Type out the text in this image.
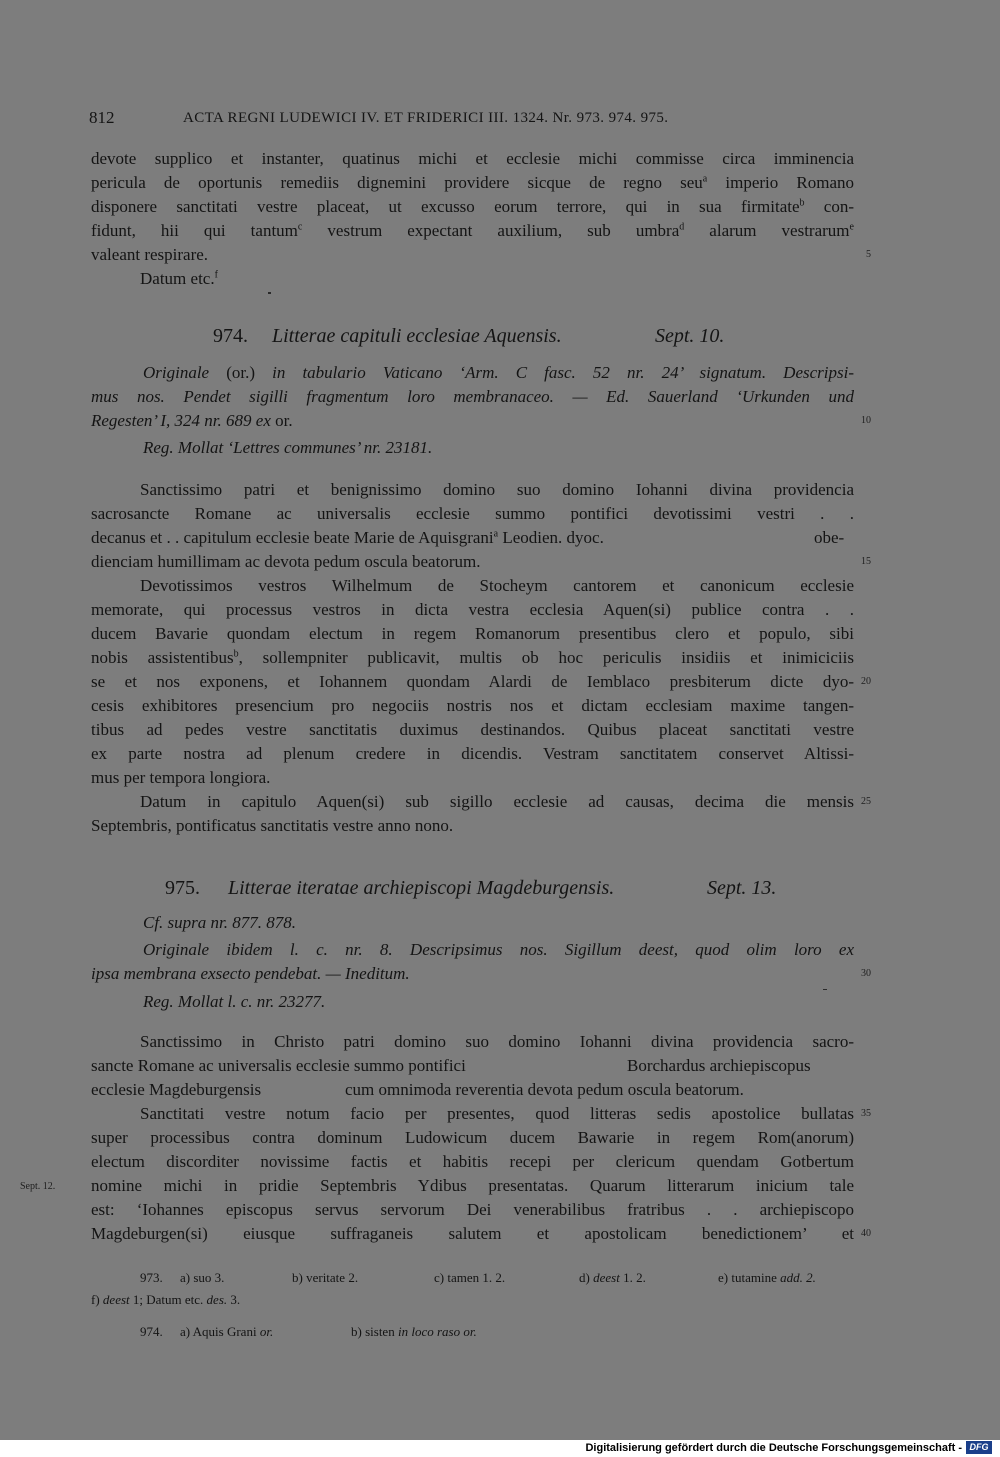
812	ACTA REGNI LUDEWICI IV. ET FRIDERICI III. 1324. Nr. 973. 974. 975.
devote supplico et instanter, quatinus michi et ecclesie michi commisse circa imminencia
pericula de oportunis remediis dignemini providere sicque de regno seu$^a$ imperio Romano
disponere sanctitati vestre placeat, ut excusso eorum terrore, qui in sua firmitate$^b$ con-
fidunt, hii qui tantum$^c$ vestrum expectant auxilium, sub umbra$^d$ alarum vestrarum$^e$
valeant respirare.
Datum etc.$^f$
974. Litterae capituli ecclesiae Aquensis.	Sept. 10.
Originale (or.) in tabulario Vaticano ‘Arm. C fasc. 52 nr. 24’ signatum. Descripsi-
mus nos. Pendet sigilli fragmentum loro membranaceo. — Ed. Sauerland ‘Urkunden und
Regesten’ I, 324 nr. 689 ex or.
Reg. Mollat ‘Lettres communes’ nr. 23181.
Sanctissimo patri et benignissimo domino suo domino Iohanni divina providencia
sacrosancte Romane ac universalis ecclesie summo pontifici devotissimi vestri . .
decanus et . . capitulum ecclesie beate Marie de Aquisgrani$^a$ Leodien. dyoc.	obe-
dienciam humillimam ac devota pedum oscula beatorum.
Devotissimos vestros Wilhelmum de Stocheym cantorem et canonicum ecclesie
memorate, qui processus vestros in dicta vestra ecclesia Aquen(si) publice contra . .
ducem Bavarie quondam electum in regem Romanorum presentibus clero et populo, sibi
nobis assistentibus$^b$, sollempniter publicavit, multis ob hoc periculis insidiis et inimiciciis
se et nos exponens, et Iohannem quondam Alardi de Iemblaco presbiterum dicte dyo-
cesis exhibitores presencium pro negociis nostris nos et dictam ecclesiam maxime tangen-
tibus ad pedes vestre sanctitatis duximus destinandos. Quibus placeat sanctitati vestre
ex parte nostra ad plenum credere in dicendis. Vestram sanctitatem conservet Altissi-
mus per tempora longiora.
Datum in capitulo Aquen(si) sub sigillo ecclesie ad causas, decima die mensis
Septembris, pontificatus sanctitatis vestre anno nono.
975. Litterae iteratae archiepiscopi Magdeburgensis.	Sept. 13.
Cf. supra nr. 877. 878.
Originale ibidem l. c. nr. 8. Descripsimus nos. Sigillum deest, quod olim loro ex
ipsa membrana exsecto pendebat. — Ineditum.
Reg. Mollat l. c. nr. 23277.
Sanctissimo in Christo patri domino suo domino Iohanni divina providencia sacro-
sancte Romane ac universalis ecclesie summo pontifici	Borchardus archiepiscopus
ecclesie Magdeburgensis	cum omnimoda reverentia devota pedum oscula beatorum.
Sanctitati vestre notum facio per presentes, quod litteras sedis apostolice bullatas
super processibus contra dominum Ludowicum ducem Bawarie in regem Rom(anorum)
electum discorditer novissime factis et habitis recepi per clericum quendam Gotbertum
nomine michi in pridie Septembris Ydibus presentatas. Quarum litterarum inicium tale
est: ‘Iohannes episcopus servus servorum Dei venerabilibus fratribus . . archiepiscopo
Magdeburgen(si) eiusque suffraganeis salutem et apostolicam benedictionem’ et
Sept. 12.
5
10
15
20
25
30
35
40
973. a) suo 3.	b) veritate 2.	c) tamen 1. 2.	d) deest 1. 2.	e) tutamine add. 2.
f) deest 1; Datum etc. des. 3.
974. a) Aquis Grani or.	b) sisten in loco raso or.
Digitalisierung gefördert durch die Deutsche Forschungsgemeinschaft - DFG
